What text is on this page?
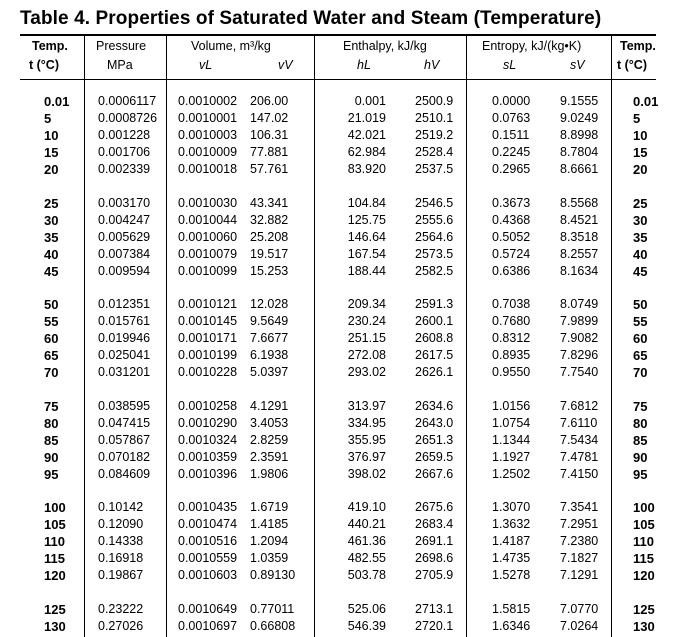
Table 4. Properties of Saturated Water and Steam (Temperature)
Temp.
t (°C)
Pressure
MPa
Volume, m³/kg
vL	vV
Enthalpy, kJ/kg
hL	hV
Entropy, kJ/(kg•K)
sL	sV
Temp.
t (°C)
0.01 0.0006117 0.0010002 206.00	0.001 2500.9	0.0000 9.1555	0.01
5	0.0008726 0.0010001 147.02	21.019 2510.1	0.0763 9.0249	5
10	0.001228 0.0010003 106.31	42.021 2519.2	0.1511 8.8998	10
15	0.001706 0.0010009 77.881	62.984 2528.4	0.2245 8.7804	15
20	0.002339 0.0010018 57.761	83.920 2537.5	0.2965 8.6661	20
25	0.003170 0.0010030 43.341	104.84 2546.5	0.3673 8.5568	25
30	0.004247 0.0010044 32.882	125.75 2555.6	0.4368 8.4521	30
35	0.005629 0.0010060 25.208	146.64 2564.6	0.5052 8.3518	35
40	0.007384 0.0010079 19.517	167.54 2573.5	0.5724 8.2557	40
45	0.009594 0.0010099 15.253	188.44 2582.5	0.6386 8.1634	45
50	0.012351 0.0010121 12.028	209.34 2591.3	0.7038 8.0749	50
55	0.015761 0.0010145 9.5649	230.24 2600.1	0.7680 7.9899	55
60	0.019946 0.0010171 7.6677	251.15 2608.8	0.8312 7.9082	60
65	0.025041 0.0010199 6.1938	272.08 2617.5	0.8935 7.8296	65
70	0.031201 0.0010228 5.0397	293.02 2626.1	0.9550 7.7540	70
75	0.038595 0.0010258 4.1291	313.97 2634.6	1.0156 7.6812	75
80	0.047415 0.0010290 3.4053	334.95 2643.0	1.0754 7.6110	80
85	0.057867 0.0010324 2.8259	355.95 2651.3	1.1344 7.5434	85
90	0.070182 0.0010359 2.3591	376.97 2659.5	1.1927 7.4781	90
95	0.084609 0.0010396 1.9806	398.02 2667.6	1.2502 7.4150	95
100	0.10142	0.0010435 1.6719	419.10 2675.6	1.3070 7.3541	100
105	0.12090	0.0010474 1.4185	440.21 2683.4	1.3632 7.2951	105
110	0.14338	0.0010516 1.2094	461.36 2691.1	1.4187 7.2380	110
115	0.16918	0.0010559 1.0359	482.55 2698.6	1.4735 7.1827	115
120	0.19867	0.0010603 0.89130	503.78 2705.9	1.5278 7.1291	120
125	0.23222	0.0010649 0.77011	525.06 2713.1	1.5815 7.0770	125
130	0.27026	0.0010697 0.66808	546.39 2720.1	1.6346 7.0264	130
